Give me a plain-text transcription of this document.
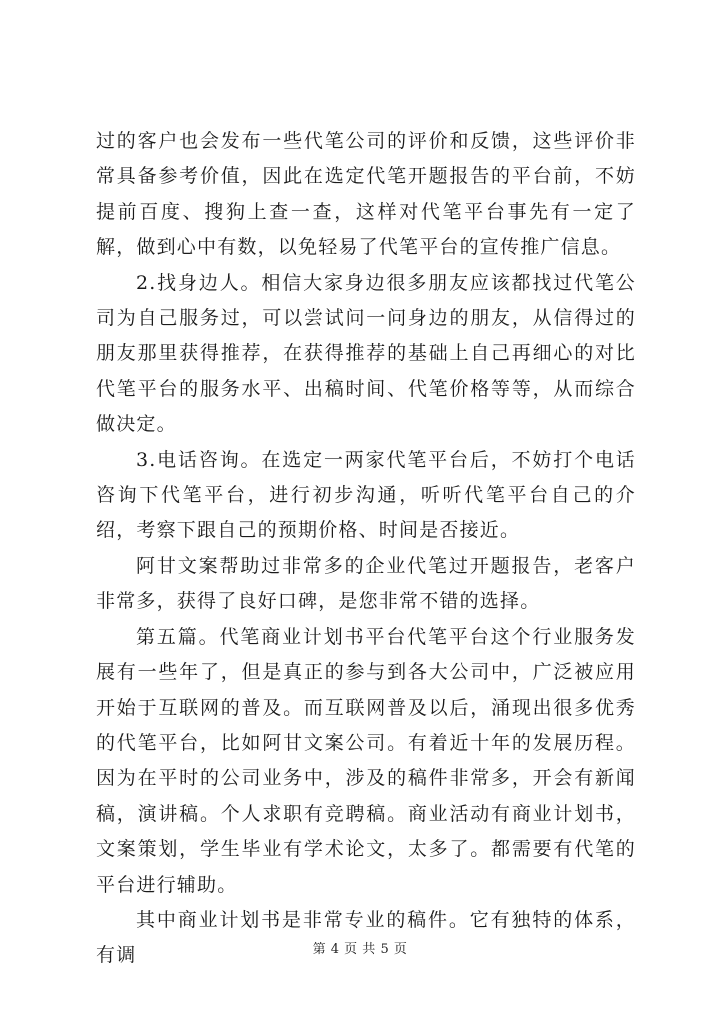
过的客户也会发布一些代笔公司的评价和反馈，这些评价非常具备参考价值，因此在选定代笔开题报告的平台前，不妨提前百度、搜狗上查一查，这样对代笔平台事先有一定了解，做到心中有数，以免轻易了代笔平台的宣传推广信息。

2.找身边人。相信大家身边很多朋友应该都找过代笔公司为自己服务过，可以尝试问一问身边的朋友，从信得过的朋友那里获得推荐，在获得推荐的基础上自己再细心的对比代笔平台的服务水平、出稿时间、代笔价格等等，从而综合做决定。

3.电话咨询。在选定一两家代笔平台后，不妨打个电话咨询下代笔平台，进行初步沟通，听听代笔平台自己的介绍，考察下跟自己的预期价格、时间是否接近。

阿甘文案帮助过非常多的企业代笔过开题报告，老客户非常多，获得了良好口碑，是您非常不错的选择。

第五篇。代笔商业计划书平台代笔平台这个行业服务发展有一些年了，但是真正的参与到各大公司中，广泛被应用开始于互联网的普及。而互联网普及以后，涌现出很多优秀的代笔平台，比如阿甘文案公司。有着近十年的发展历程。因为在平时的公司业务中，涉及的稿件非常多，开会有新闻稿，演讲稿。个人求职有竞聘稿。商业活动有商业计划书，文案策划，学生毕业有学术论文，太多了。都需要有代笔的平台进行辅助。

其中商业计划书是非常专业的稿件。它有独特的体系，有调	第 4 页 共 5 页
